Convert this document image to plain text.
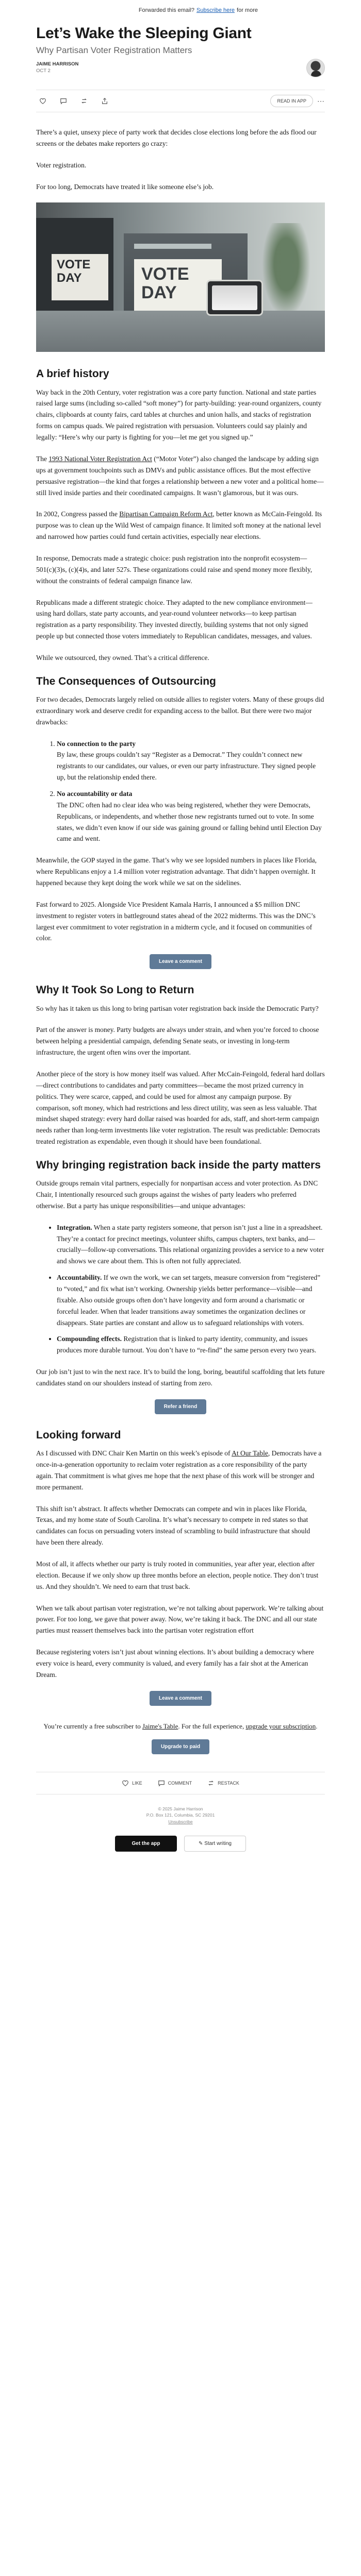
Forwarded this email? Subscribe here for more
Let’s Wake the Sleeping Giant
Why Partisan Voter Registration Matters
JAIME HARRISON
OCT 2
READ IN APP	⋯

There’s a quiet, unsexy piece of party work that decides close elections long before the ads flood our screens or the debates make reporters go crazy:

Voter registration.

For too long, Democrats have treated it like someone else’s job.

VOTE DAY	VOTE DAY
A brief history

Way back in the 20th Century, voter registration was a core party function. National and state parties raised large sums (including so-called “soft money”) for party-building: year-round organizers, county chairs, clipboards at county fairs, card tables at churches and union halls, and stacks of registration forms on campus quads. We paired registration with persuasion. Volunteers could say plainly and legally: “Here’s why our party is fighting for you—let me get you signed up.”

The 1993 National Voter Registration Act (“Motor Voter”) also changed the landscape by adding sign ups at government touchpoints such as DMVs and public assistance offices. But the most effective persuasive registration—the kind that forges a relationship between a new voter and a political home—still lived inside parties and their coordinated campaigns. It wasn’t glamorous, but it was ours.

In 2002, Congress passed the Bipartisan Campaign Reform Act, better known as McCain-Feingold. Its purpose was to clean up the Wild West of campaign finance. It limited soft money at the national level and narrowed how parties could fund certain activities, especially near elections.

In response, Democrats made a strategic choice: push registration into the nonprofit ecosystem—501(c)(3)s, (c)(4)s, and later 527s. These organizations could raise and spend money more flexibly, without the constraints of federal campaign finance law.

Republicans made a different strategic choice. They adapted to the new compliance environment—using hard dollars, state party accounts, and year-round volunteer networks—to keep partisan registration as a party responsibility. They invested directly, building systems that not only signed people up but connected those voters immediately to Republican candidates, messages, and values.

While we outsourced, they owned. That’s a critical difference.

The Consequences of Outsourcing

For two decades, Democrats largely relied on outside allies to register voters. Many of these groups did extraordinary work and deserve credit for expanding access to the ballot. But there were two major drawbacks:

1. No connection to the party
By law, these groups couldn’t say “Register as a Democrat.” They couldn’t connect new registrants to our candidates, our values, or even our party infrastructure. They signed people up, but the relationship ended there.
2. No accountability or data
The DNC often had no clear idea who was being registered, whether they were Democrats, Republicans, or independents, and whether those new registrants turned out to vote. In some states, we didn’t even know if our side was gaining ground or falling behind until Election Day came and went.

Meanwhile, the GOP stayed in the game. That’s why we see lopsided numbers in places like Florida, where Republicans enjoy a 1.4 million voter registration advantage. That didn’t happen overnight. It happened because they kept doing the work while we sat on the sidelines.

Fast forward to 2025. Alongside Vice President Kamala Harris, I announced a $5 million DNC investment to register voters in battleground states ahead of the 2022 midterms. This was the DNC’s largest ever commitment to voter registration in a midterm cycle, and it focused on communities of color.

Leave a comment
Why It Took So Long to Return

So why has it taken us this long to bring partisan voter registration back inside the Democratic Party?

Part of the answer is money. Party budgets are always under strain, and when you’re forced to choose between helping a presidential campaign, defending Senate seats, or investing in long-term infrastructure, the urgent often wins over the important.

Another piece of the story is how money itself was valued. After McCain-Feingold, federal hard dollars—direct contributions to candidates and party committees—became the most prized currency in politics. They were scarce, capped, and could be used for almost any campaign purpose. By comparison, soft money, which had restrictions and less direct utility, was seen as less valuable. That mindset shaped strategy: every hard dollar raised was hoarded for ads, staff, and short-term campaign needs rather than long-term investments like voter registration. The result was predictable: Democrats treated registration as expendable, even though it should have been foundational.

Why bringing registration back inside the party matters

Outside groups remain vital partners, especially for nonpartisan access and voter protection. As DNC Chair, I intentionally resourced such groups against the wishes of party leaders who preferred otherwise. But a party has unique responsibilities—and unique advantages:

• Integration. When a state party registers someone, that person isn’t just a line in a spreadsheet. They’re a contact for precinct meetings, volunteer shifts, campus chapters, text banks, and—crucially—follow-up conversations. This relational organizing provides a service to a new voter and shows we care about them. This is often not fully appreciated.
• Accountability. If we own the work, we can set targets, measure conversion from “registered” to “voted,” and fix what isn’t working. Ownership yields better performance—visible—and fixable. Also outside groups often don’t have longevity and form around a charismatic or forceful leader. When that leader transitions away sometimes the organization declines or disappears. State parties are constant and allow us to safeguard relationships with voters.
• Compounding effects. Registration that is linked to party identity, community, and issues produces more durable turnout. You don’t have to “re-find” the same person every two years.

Our job isn’t just to win the next race. It’s to build the long, boring, beautiful scaffolding that lets future candidates stand on our shoulders instead of starting from zero.

Refer a friend
Looking forward

As I discussed with DNC Chair Ken Martin on this week’s episode of At Our Table, Democrats have a once-in-a-generation opportunity to reclaim voter registration as a core responsibility of the party again. That commitment is what gives me hope that the next phase of this work will be stronger and more permanent.

This shift isn’t abstract. It affects whether Democrats can compete and win in places like Florida, Texas, and my home state of South Carolina. It’s what’s necessary to compete in red states so that candidates can focus on persuading voters instead of scrambling to build infrastructure that should have been there already.

Most of all, it affects whether our party is truly rooted in communities, year after year, election after election. Because if we only show up three months before an election, people notice. They don’t trust us. And they shouldn’t. We need to earn that trust back.

When we talk about partisan voter registration, we’re not talking about paperwork. We’re talking about power. For too long, we gave that power away. Now, we’re taking it back. The DNC and all our state parties must reassert themselves back into the partisan voter registration effort

Because registering voters isn’t just about winning elections. It’s about building a democracy where every voice is heard, every community is valued, and every family has a fair shot at the American Dream.

Leave a comment
You’re currently a free subscriber to Jaime's Table. For the full experience, upgrade your subscription.
Upgrade to paid
LIKE	COMMENT	RESTACK
© 2025 Jaime Harrison
P.O. Box 121, Columbia, SC 29201
Unsubscribe
Get the app	✎ Start writing
